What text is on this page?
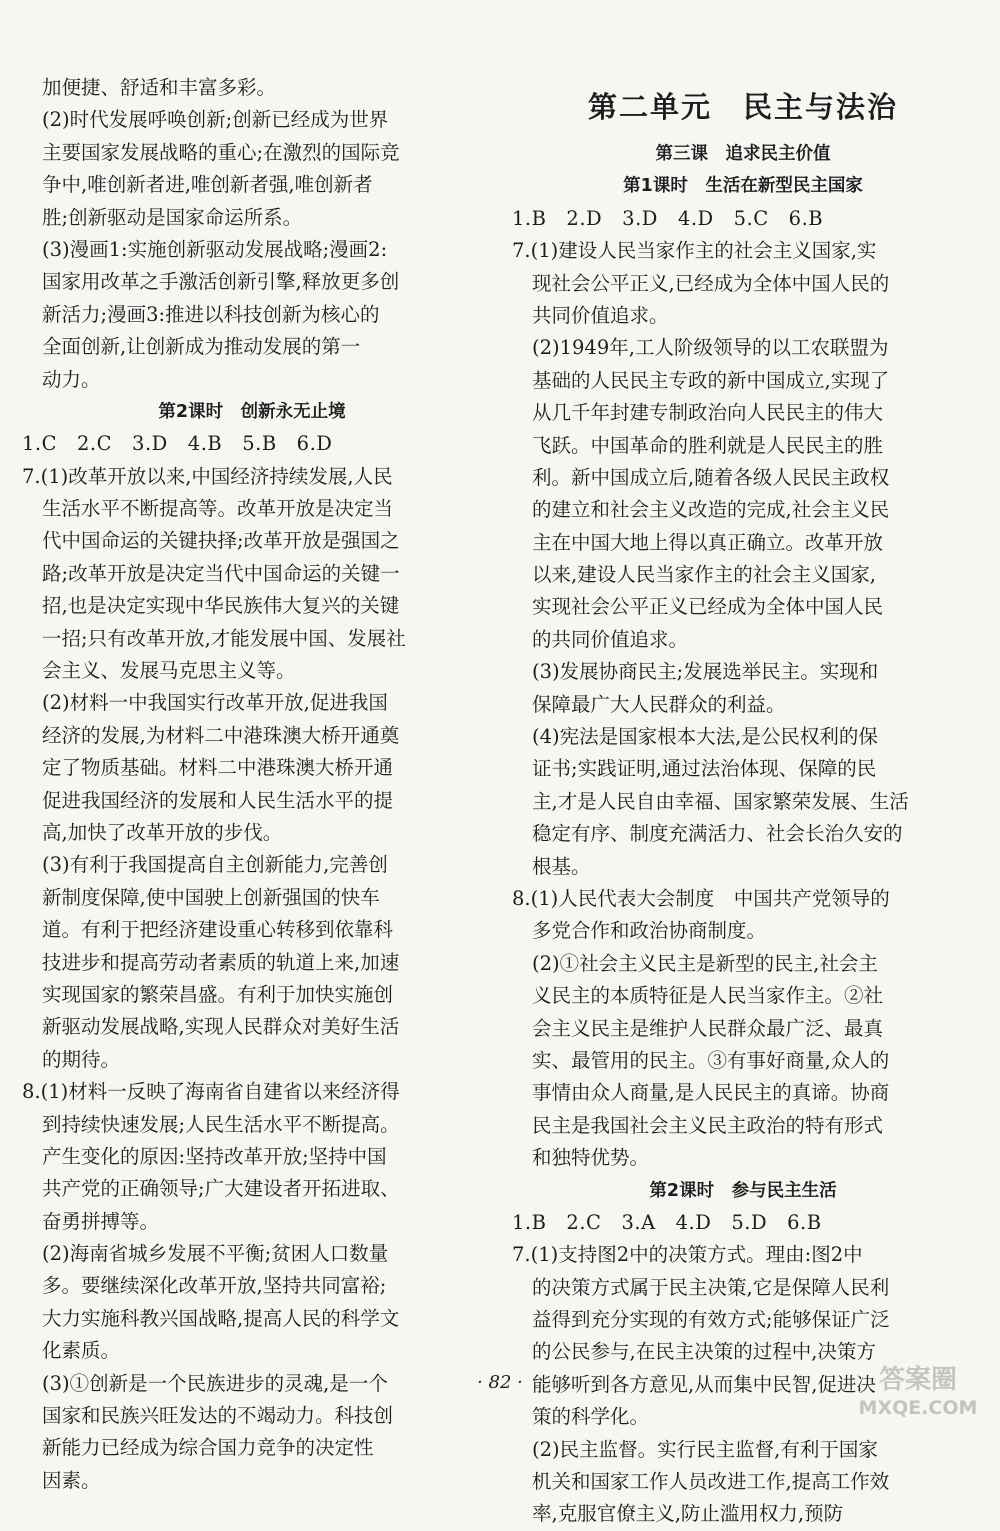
加便捷、舒适和丰富多彩。
(2)时代发展呼唤创新;创新已经成为世界
主要国家发展战略的重心;在激烈的国际竞
争中,唯创新者进,唯创新者强,唯创新者
胜;创新驱动是国家命运所系。
(3)漫画1:实施创新驱动发展战略;漫画2:
国家用改革之手激活创新引擎,释放更多创
新活力;漫画3:推进以科技创新为核心的
全面创新,让创新成为推动发展的第一
动力。
第2课时　创新永无止境
1.C　2.C　3.D　4.B　5.B　6.D
7.(1)改革开放以来,中国经济持续发展,人民
生活水平不断提高等。改革开放是决定当
代中国命运的关键抉择;改革开放是强国之
路;改革开放是决定当代中国命运的关键一
招,也是决定实现中华民族伟大复兴的关键
一招;只有改革开放,才能发展中国、发展社
会主义、发展马克思主义等。
(2)材料一中我国实行改革开放,促进我国
经济的发展,为材料二中港珠澳大桥开通奠
定了物质基础。材料二中港珠澳大桥开通
促进我国经济的发展和人民生活水平的提
高,加快了改革开放的步伐。
(3)有利于我国提高自主创新能力,完善创
新制度保障,使中国驶上创新强国的快车
道。有利于把经济建设重心转移到依靠科
技进步和提高劳动者素质的轨道上来,加速
实现国家的繁荣昌盛。有利于加快实施创
新驱动发展战略,实现人民群众对美好生活
的期待。
8.(1)材料一反映了海南省自建省以来经济得
到持续快速发展;人民生活水平不断提高。
产生变化的原因:坚持改革开放;坚持中国
共产党的正确领导;广大建设者开拓进取、
奋勇拼搏等。
(2)海南省城乡发展不平衡;贫困人口数量
多。要继续深化改革开放,坚持共同富裕;
大力实施科教兴国战略,提高人民的科学文
化素质。
(3)①创新是一个民族进步的灵魂,是一个
国家和民族兴旺发达的不竭动力。科技创
新能力已经成为综合国力竞争的决定性
因素。
第二单元　民主与法治
第三课　追求民主价值
第1课时　生活在新型民主国家
1.B　2.D　3.D　4.D　5.C　6.B
7.(1)建设人民当家作主的社会主义国家,实
现社会公平正义,已经成为全体中国人民的
共同价值追求。
(2)1949年,工人阶级领导的以工农联盟为
基础的人民民主专政的新中国成立,实现了
从几千年封建专制政治向人民民主的伟大
飞跃。中国革命的胜利就是人民民主的胜
利。新中国成立后,随着各级人民民主政权
的建立和社会主义改造的完成,社会主义民
主在中国大地上得以真正确立。改革开放
以来,建设人民当家作主的社会主义国家,
实现社会公平正义已经成为全体中国人民
的共同价值追求。
(3)发展协商民主;发展选举民主。实现和
保障最广大人民群众的利益。
(4)宪法是国家根本大法,是公民权利的保
证书;实践证明,通过法治体现、保障的民
主,才是人民自由幸福、国家繁荣发展、生活
稳定有序、制度充满活力、社会长治久安的
根基。
8.(1)人民代表大会制度　中国共产党领导的
多党合作和政治协商制度。
(2)①社会主义民主是新型的民主,社会主
义民主的本质特征是人民当家作主。②社
会主义民主是维护人民群众最广泛、最真
实、最管用的民主。③有事好商量,众人的
事情由众人商量,是人民民主的真谛。协商
民主是我国社会主义民主政治的特有形式
和独特优势。
第2课时　参与民主生活
1.B　2.C　3.A　4.D　5.D　6.B
7.(1)支持图2中的决策方式。理由:图2中
的决策方式属于民主决策,它是保障人民利
益得到充分实现的有效方式;能够保证广泛
的公民参与,在民主决策的过程中,决策方
能够听到各方意见,从而集中民智,促进决
策的科学化。
(2)民主监督。实行民主监督,有利于国家
机关和国家工作人员改进工作,提高工作效
率,克服官僚主义,防止滥用权力,预防
· 82 ·	答案圈
MXQE.COM
